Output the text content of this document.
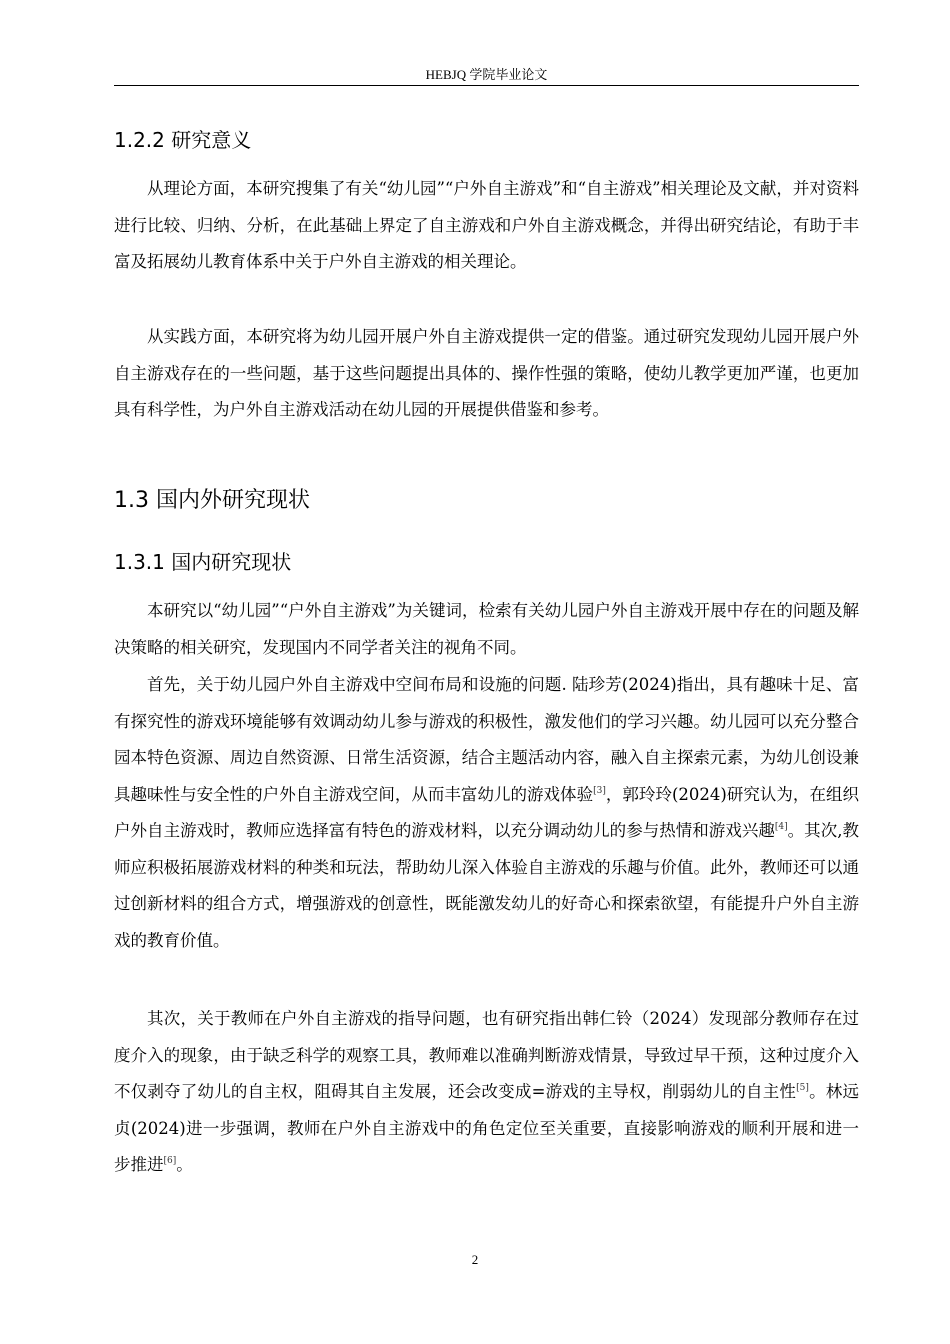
HEBJQ 学院毕业论文
1.2.2 研究意义

从理论方面，本研究搜集了有关“幼儿园”“户外自主游戏”和“自主游戏”相关理论及文献，并对资料进行比较、归纳、分析，在此基础上界定了自主游戏和户外自主游戏概念，并得出研究结论，有助于丰富及拓展幼儿教育体系中关于户外自主游戏的相关理论。

从实践方面，本研究将为幼儿园开展户外自主游戏提供一定的借鉴。通过研究发现幼儿园开展户外自主游戏存在的一些问题，基于这些问题提出具体的、操作性强的策略，使幼儿教学更加严谨，也更加具有科学性，为户外自主游戏活动在幼儿园的开展提供借鉴和参考。

1.3 国内外研究现状
1.3.1 国内研究现状

本研究以“幼儿园”“户外自主游戏”为关键词，检索有关幼儿园户外自主游戏开展中存在的问题及解决策略的相关研究，发现国内不同学者关注的视角不同。

首先，关于幼儿园户外自主游戏中空间布局和设施的问题. 陆珍芳(2024)指出，具有趣味十足、富有探究性的游戏环境能够有效调动幼儿参与游戏的积极性，激发他们的学习兴趣。幼儿园可以充分整合园本特色资源、周边自然资源、日常生活资源，结合主题活动内容，融入自主探索元素，为幼儿创设兼具趣味性与安全性的户外自主游戏空间，从而丰富幼儿的游戏体验[3]，郭玲玲(2024)研究认为，在组织户外自主游戏时，教师应选择富有特色的游戏材料，以充分调动幼儿的参与热情和游戏兴趣[4]。其次,教师应积极拓展游戏材料的种类和玩法，帮助幼儿深入体验自主游戏的乐趣与价值。此外，教师还可以通过创新材料的组合方式，增强游戏的创意性，既能激发幼儿的好奇心和探索欲望，有能提升户外自主游戏的教育价值。

其次，关于教师在户外自主游戏的指导问题，也有研究指出韩仁铃（2024）发现部分教师存在过度介入的现象，由于缺乏科学的观察工具，教师难以准确判断游戏情景，导致过早干预，这种过度介入不仅剥夺了幼儿的自主权，阻碍其自主发展，还会改变成=游戏的主导权，削弱幼儿的自主性[5]。林远贞(2024)进一步强调，教师在户外自主游戏中的角色定位至关重要，直接影响游戏的顺利开展和进一步推进[6]。

2
